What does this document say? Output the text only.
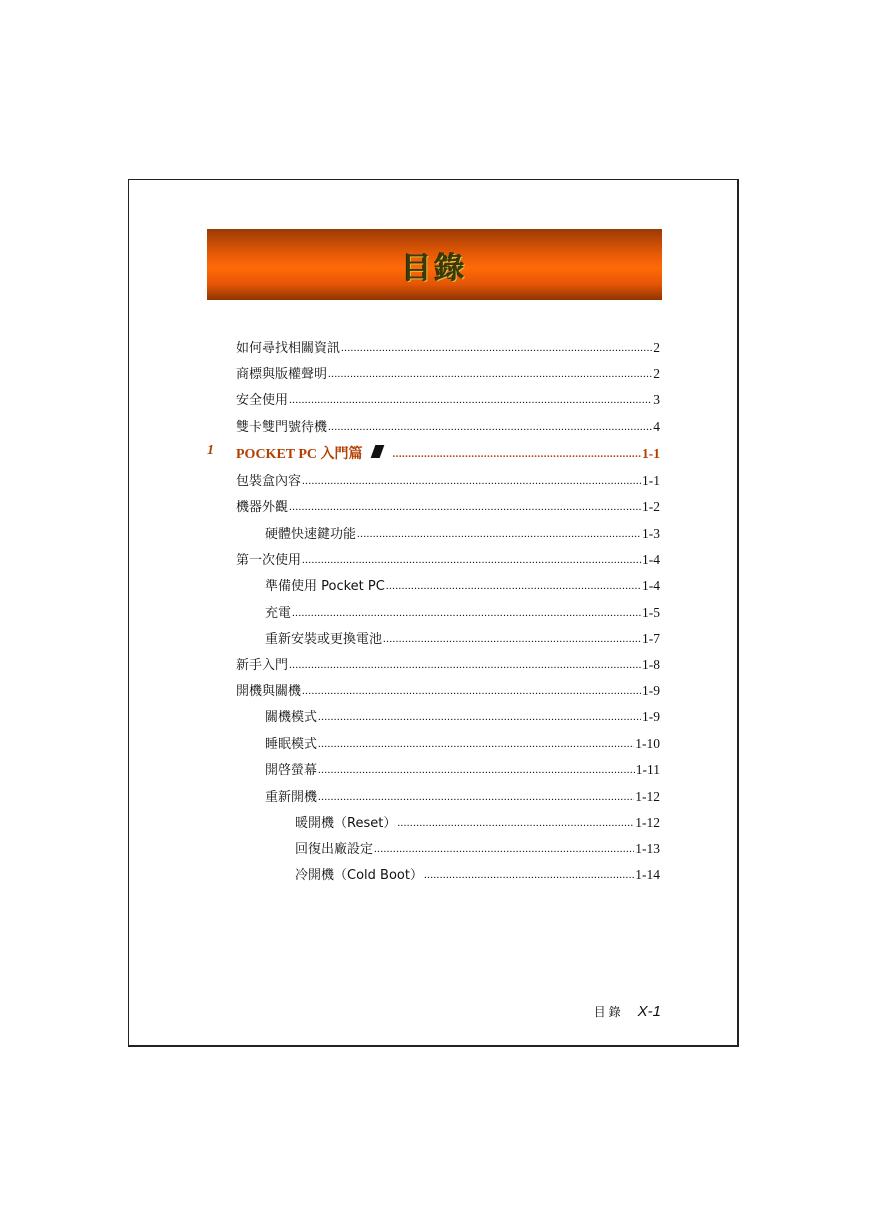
目錄
如何尋找相關資訊 .....	2
商標與版權聲明 .....	2
安全使用 .....	3
雙卡雙門號待機 .....	4
1 POCKET PC 入門篇 .....	1-1
包裝盒內容 .....	1-1
機器外觀 .....	1-2
硬體快速鍵功能 .....	1-3
第一次使用 .....	1-4
準備使用 Pocket PC .....	1-4
充電 .....	1-5
重新安裝或更換電池 .....	1-7
新手入門 .....	1-8
開機與關機 .....	1-9
關機模式 .....	1-9
睡眠模式 .....	1-10
開啓螢幕 .....	1-11
重新開機 .....	1-12
暖開機（Reset） .....	1-12
回復出廠設定 .....	1-13
冷開機（Cold Boot） .....	1-14
目錄 X-1
